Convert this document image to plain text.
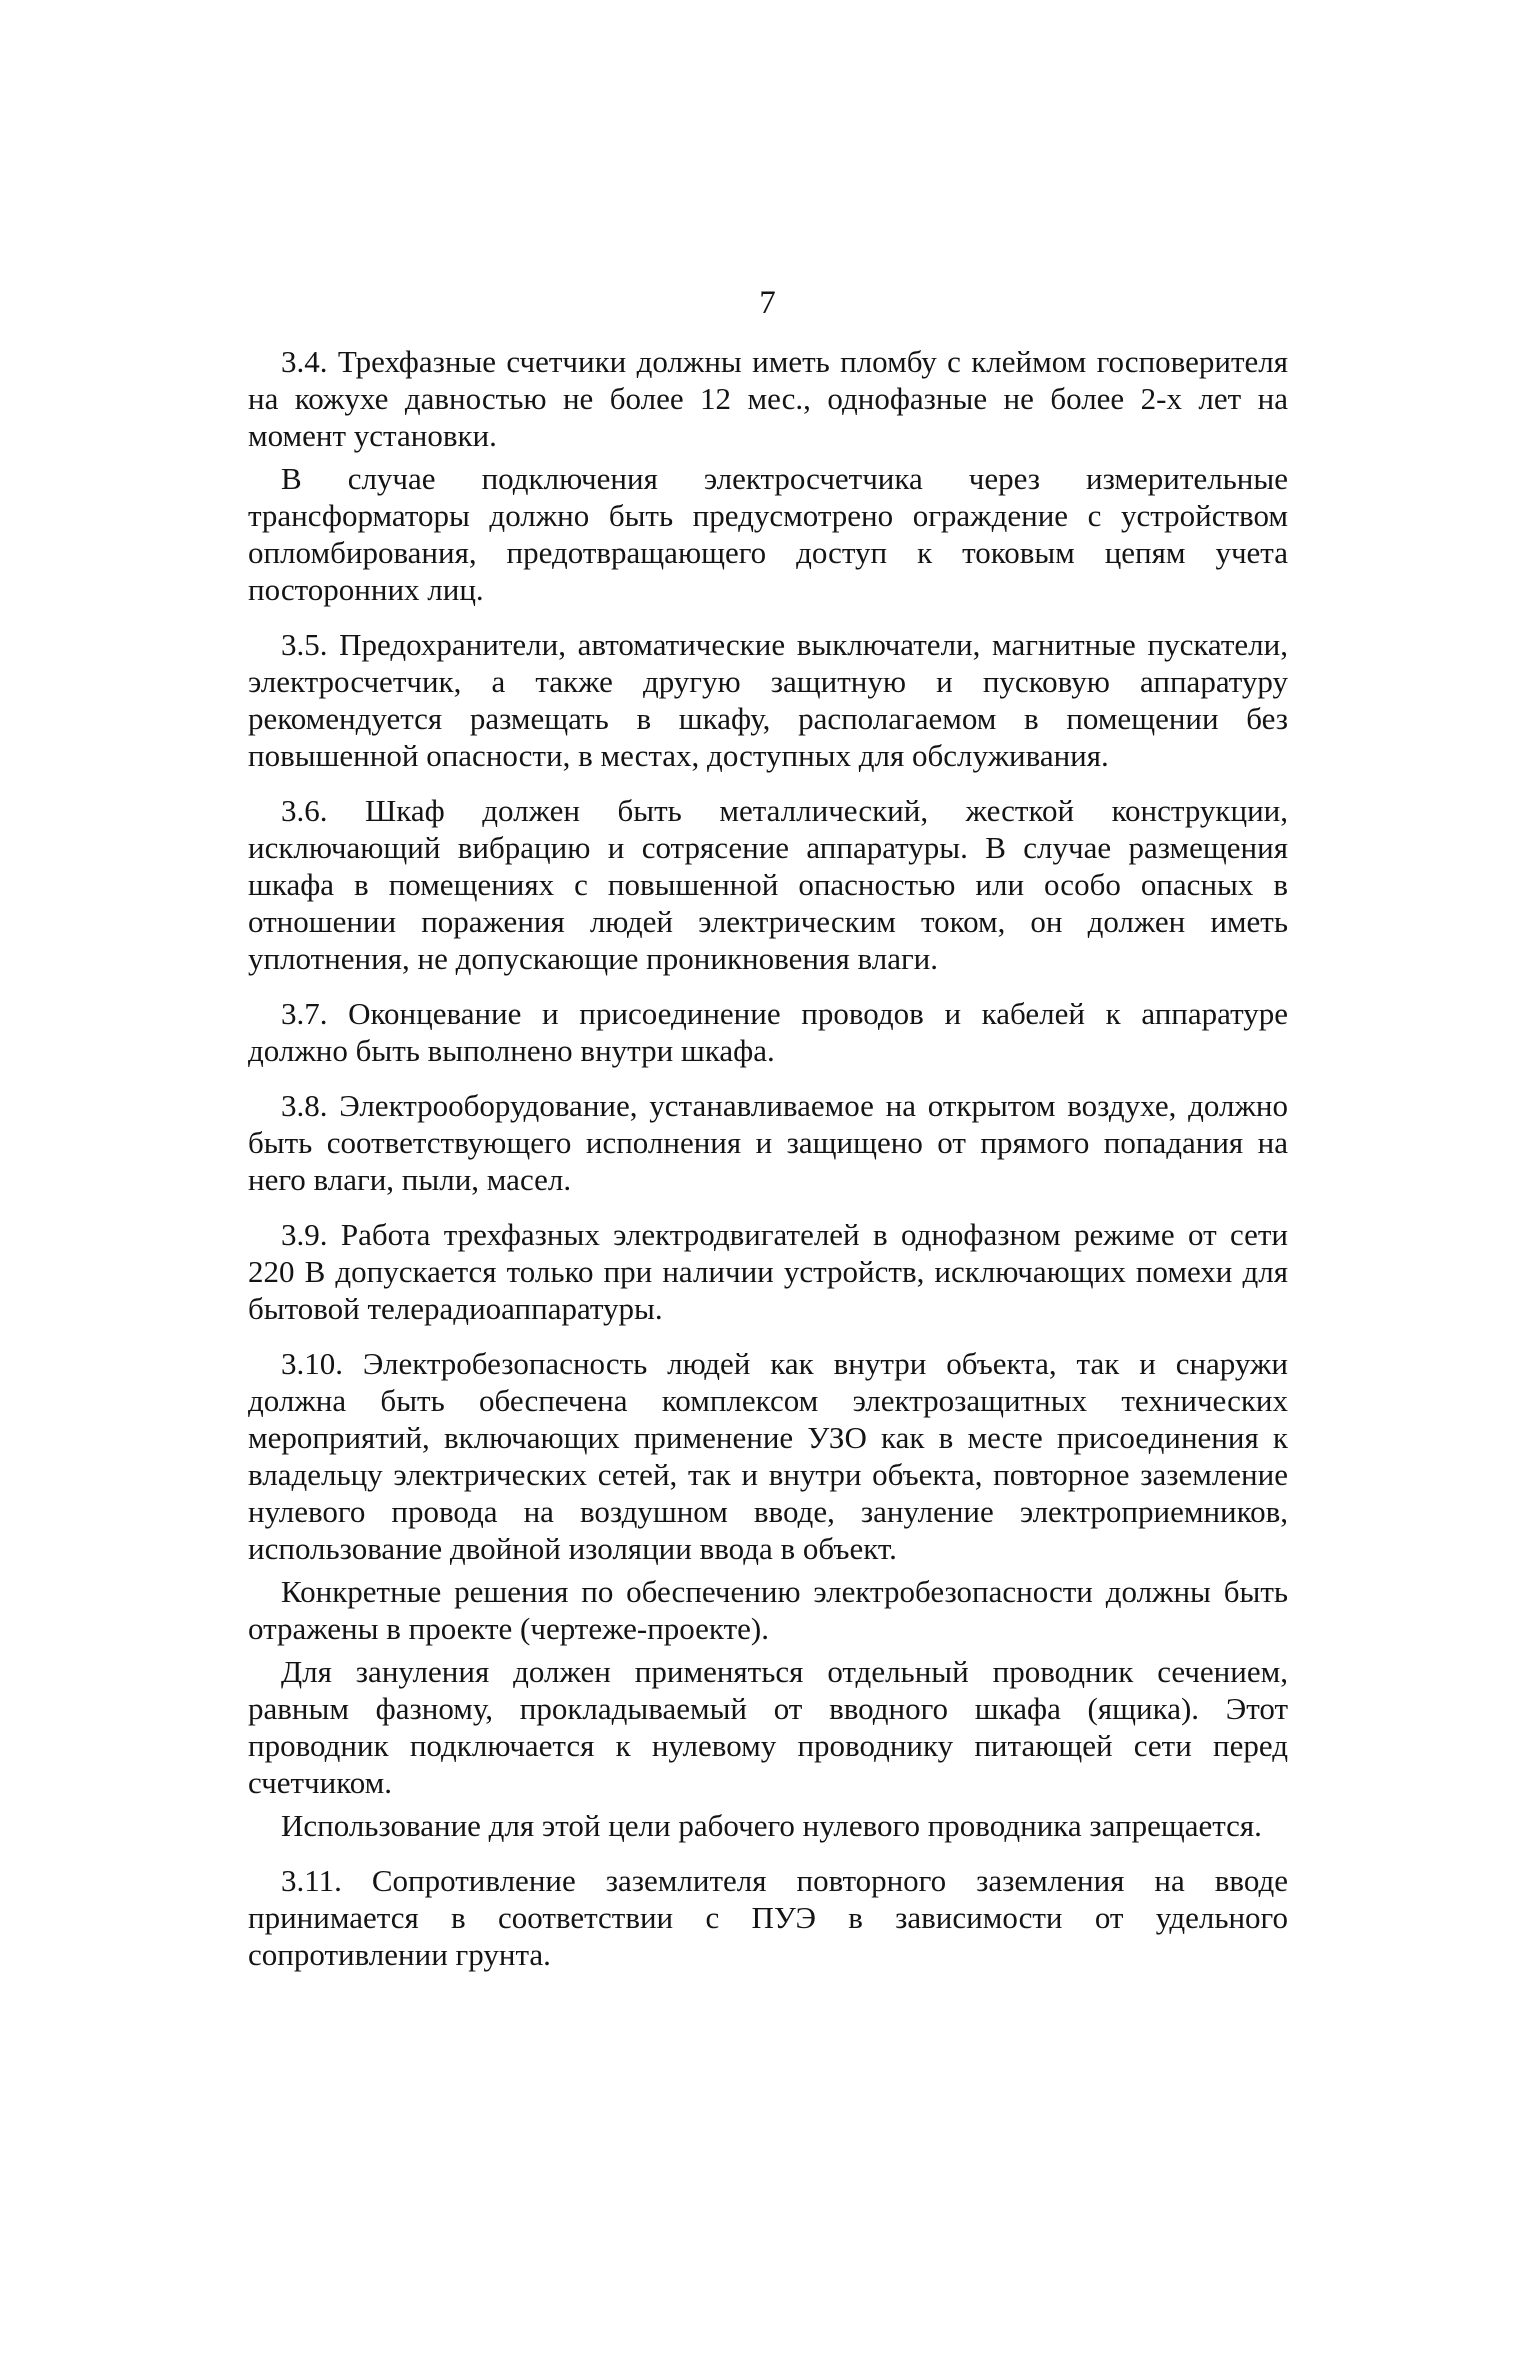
7

3.4. Трехфазные счетчики должны иметь пломбу с клеймом госповерителя на кожухе давностью не более 12 мес., однофазные не более 2-х лет на момент установки.

В случае подключения электросчетчика через измерительные трансформаторы должно быть предусмотрено ограждение с устройством опломбирования, предотвращающего доступ к токовым цепям учета посторонних лиц.

3.5. Предохранители, автоматические выключатели, магнитные пускатели, электросчетчик, а также другую защитную и пусковую аппаратуру рекомендуется размещать в шкафу, располагаемом в помещении без повышенной опасности, в местах, доступных для обслуживания.

3.6. Шкаф должен быть металлический, жесткой конструкции, исключающий вибрацию и сотрясение аппаратуры. В случае размещения шкафа в помещениях с повышенной опасностью или особо опасных в отношении поражения людей электрическим током, он должен иметь уплотнения, не допускающие проникновения влаги.

3.7. Оконцевание и присоединение проводов и кабелей к аппаратуре должно быть выполнено внутри шкафа.

3.8. Электрооборудование, устанавливаемое на открытом воздухе, должно быть соответствующего исполнения и защищено от прямого попадания на него влаги, пыли, масел.

3.9. Работа трехфазных электродвигателей в однофазном режиме от сети 220 В допускается только при наличии устройств, исключающих помехи для бытовой телерадиоаппаратуры.

3.10. Электробезопасность людей как внутри объекта, так и снаружи должна быть обеспечена комплексом электрозащитных технических мероприятий, включающих применение УЗО как в месте присоединения к владельцу электрических сетей, так и внутри объекта, повторное заземление нулевого провода на воздушном вводе, зануление электроприемников, использование двойной изоляции ввода в объект.

Конкретные решения по обеспечению электробезопасности должны быть отражены в проекте (чертеже-проекте).

Для зануления должен применяться отдельный проводник сечением, равным фазному, прокладываемый от вводного шкафа (ящика). Этот проводник подключается к нулевому проводнику питающей сети перед счетчиком.

Использование для этой цели рабочего нулевого проводника запрещается.

3.11. Сопротивление заземлителя повторного заземления на вводе принимается в соответствии с ПУЭ в зависимости от удельного сопротивлении грунта.
